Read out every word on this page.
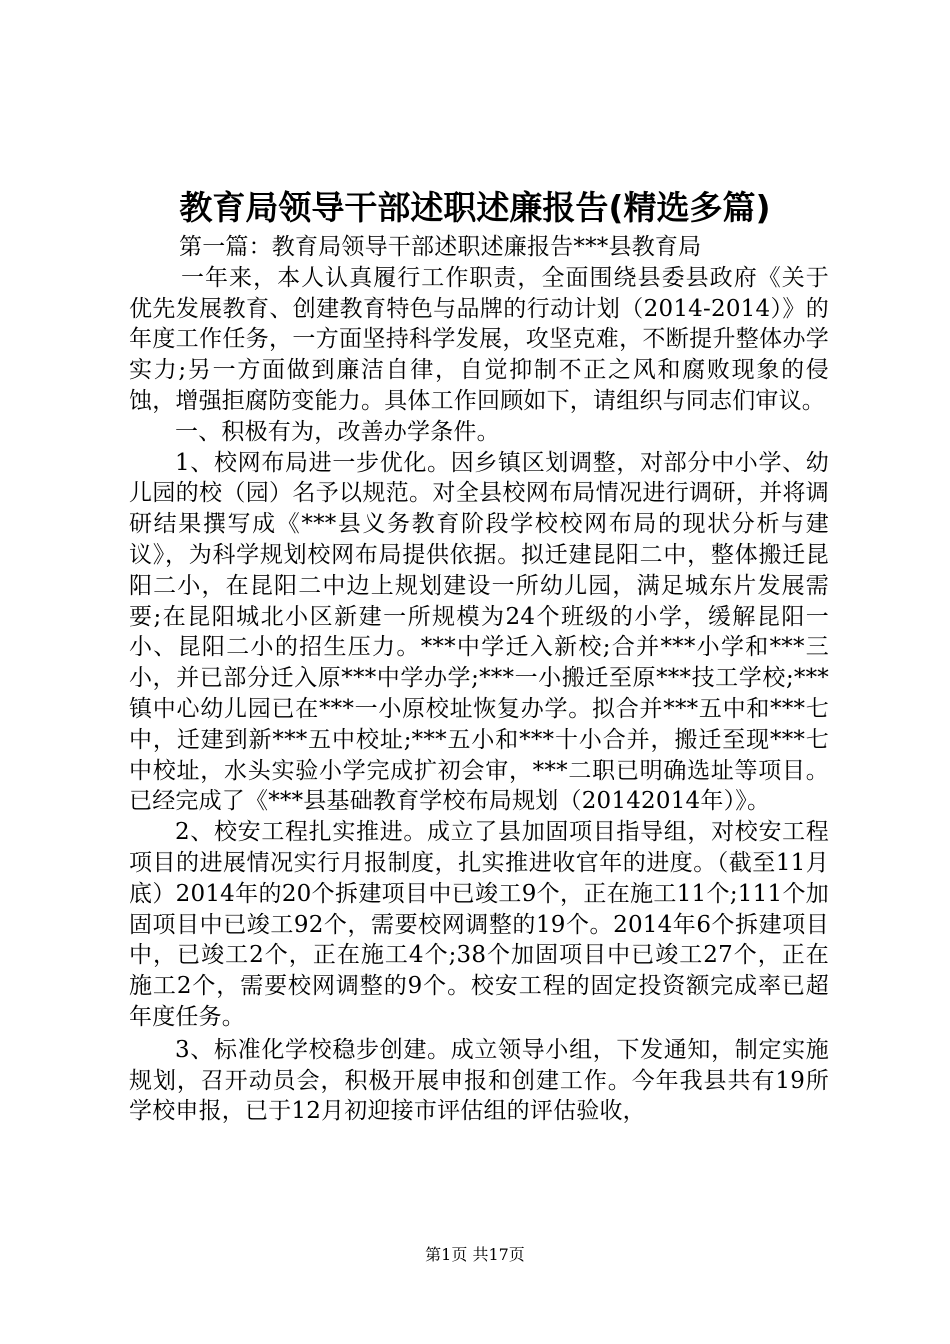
教育局领导干部述职述廉报告(精选多篇)

第一篇：教育局领导干部述职述廉报告***县教育局

一年来，本人认真履行工作职责，全面围绕县委县政府《关于优先发展教育、创建教育特色与品牌的行动计划（2014-2014）》的年度工作任务，一方面坚持科学发展，攻坚克难，不断提升整体办学实力;另一方面做到廉洁自律，自觉抑制不正之风和腐败现象的侵蚀，增强拒腐防变能力。具体工作回顾如下，请组织与同志们审议。

一、积极有为，改善办学条件。

1、校网布局进一步优化。因乡镇区划调整，对部分中小学、幼儿园的校（园）名予以规范。对全县校网布局情况进行调研，并将调研结果撰写成《***县义务教育阶段学校校网布局的现状分析与建议》，为科学规划校网布局提供依据。拟迁建昆阳二中，整体搬迁昆阳二小，在昆阳二中边上规划建设一所幼儿园，满足城东片发展需要;在昆阳城北小区新建一所规模为24个班级的小学，缓解昆阳一小、昆阳二小的招生压力。***中学迁入新校;合并***小学和***三小，并已部分迁入原***中学办学;***一小搬迁至原***技工学校;***镇中心幼儿园已在***一小原校址恢复办学。拟合并***五中和***七中，迁建到新***五中校址;***五小和***十小合并，搬迁至现***七中校址，水头实验小学完成扩初会审，***二职已明确选址等项目。已经完成了《***县基础教育学校布局规划（20142014年）》。

2、校安工程扎实推进。成立了县加固项目指导组，对校安工程项目的进展情况实行月报制度，扎实推进收官年的进度。（截至11月底）2014年的20个拆建项目中已竣工9个，正在施工11个;111个加固项目中已竣工92个，需要校网调整的19个。2014年6个拆建项目中，已竣工2个，正在施工4个;38个加固项目中已竣工27个，正在施工2个，需要校网调整的9个。校安工程的固定投资额完成率已超年度任务。

3、标准化学校稳步创建。成立领导小组，下发通知，制定实施规划，召开动员会，积极开展申报和创建工作。今年我县共有19所学校申报，已于12月初迎接市评估组的评估验收，

第1页 共17页
